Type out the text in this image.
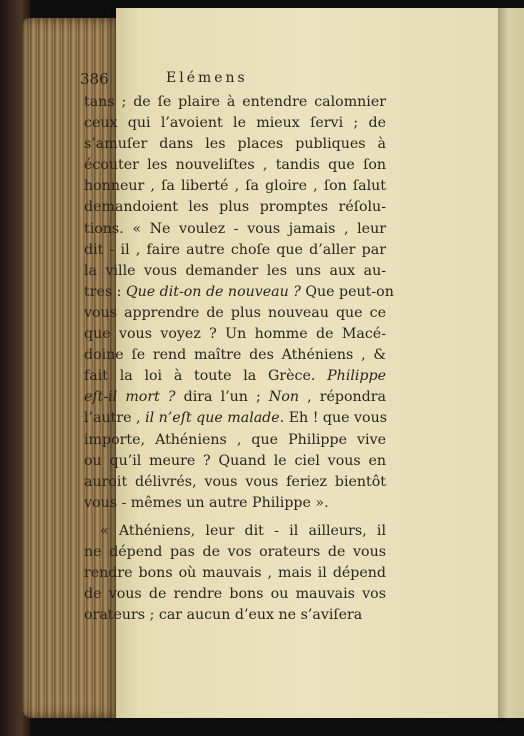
386	Elémens
tans ; de ſe plaire à entendre calomnier
ceux qui l’avoient le mieux ſervi ; de
s’amuſer dans les places publiques à
écouter les nouveliſtes , tandis que ſon
honneur , ſa liberté , ſa gloire , ſon ſalut
demandoient les plus promptes réſolu-
tions. « Ne voulez - vous jamais , leur
dit - il , faire autre choſe que d’aller par
la ville vous demander les uns aux au-
tres : Que dit-on de nouveau ? Que peut-on
vous apprendre de plus nouveau que ce
que vous voyez ? Un homme de Macé-
doine ſe rend maître des Athéniens , &
fait la loi à toute la Grèce. Philippe
eſt-il mort ? dira l’un ; Non , répondra
l’autre , il n’eſt que malade. Eh ! que vous
importe, Athéniens , que Philippe vive
ou qu’il meure ? Quand le ciel vous en
auroit délivrés, vous vous feriez bientôt
vous - mêmes un autre Philippe ».
« Athéniens, leur dit - il ailleurs, il
ne dépend pas de vos orateurs de vous
rendre bons où mauvais , mais il dépend
de vous de rendre bons ou mauvais vos
orateurs ; car aucun d’eux ne s’aviſera
